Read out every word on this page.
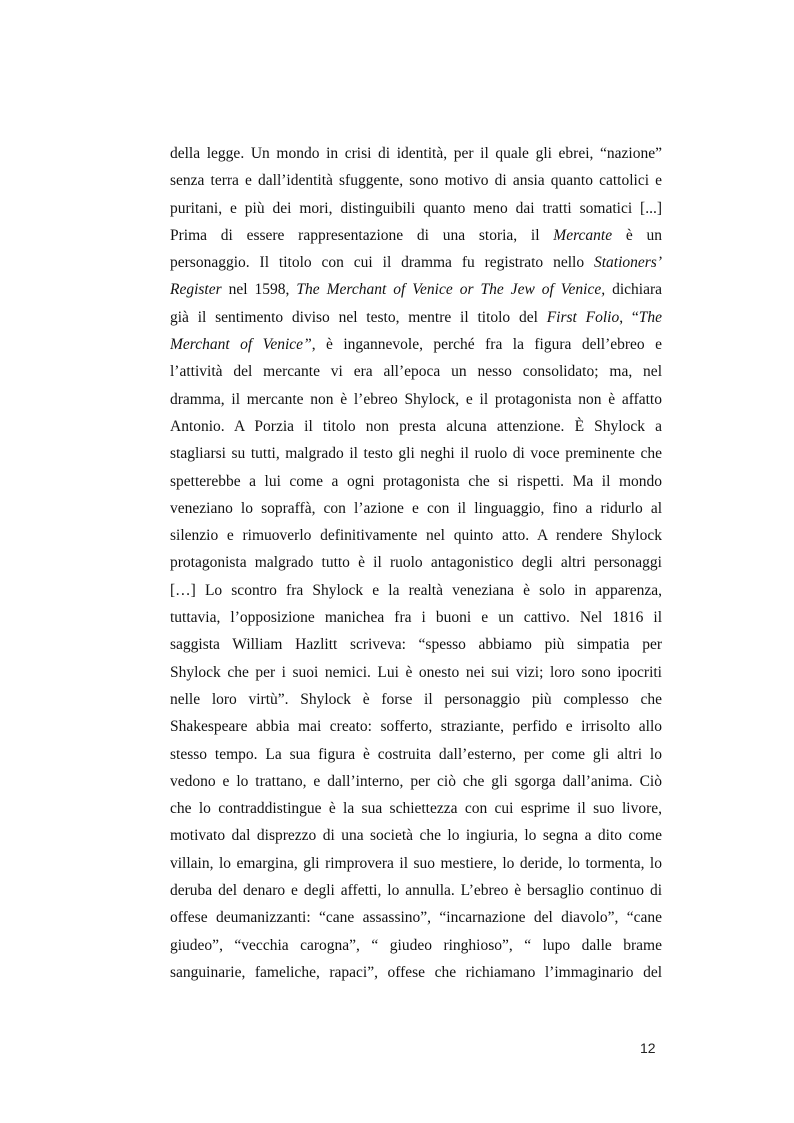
della legge. Un mondo in crisi di identità, per il quale gli ebrei, “nazione”
senza terra e dall’identità sfuggente, sono motivo di ansia quanto cattolici e
puritani, e più dei mori, distinguibili quanto meno dai tratti somatici [...]
Prima di essere rappresentazione di una storia, il Mercante è un
personaggio. Il titolo con cui il dramma fu registrato nello Stationers’
Register nel 1598, The Merchant of Venice or The Jew of Venice, dichiara
già il sentimento diviso nel testo, mentre il titolo del First Folio, “The
Merchant of Venice”, è ingannevole, perché fra la figura dell’ebreo e
l’attività del mercante vi era all’epoca un nesso consolidato; ma, nel
dramma, il mercante non è l’ebreo Shylock, e il protagonista non è affatto
Antonio. A Porzia il titolo non presta alcuna attenzione. È Shylock a
stagliarsi su tutti, malgrado il testo gli neghi il ruolo di voce preminente che
spetterebbe a lui come a ogni protagonista che si rispetti. Ma il mondo
veneziano lo sopraffà, con l’azione e con il linguaggio, fino a ridurlo al
silenzio e rimuoverlo definitivamente nel quinto atto. A rendere Shylock
protagonista malgrado tutto è il ruolo antagonistico degli altri personaggi
[…] Lo scontro fra Shylock e la realtà veneziana è solo in apparenza,
tuttavia, l’opposizione manichea fra i buoni e un cattivo. Nel 1816 il
saggista William Hazlitt scriveva: “spesso abbiamo più simpatia per
Shylock che per i suoi nemici. Lui è onesto nei sui vizi; loro sono ipocriti
nelle loro virtù”. Shylock è forse il personaggio più complesso che
Shakespeare abbia mai creato: sofferto, straziante, perfido e irrisolto allo
stesso tempo. La sua figura è costruita dall’esterno, per come gli altri lo
vedono e lo trattano, e dall’interno, per ciò che gli sgorga dall’anima. Ciò
che lo contraddistingue è la sua schiettezza con cui esprime il suo livore,
motivato dal disprezzo di una società che lo ingiuria, lo segna a dito come
villain, lo emargina, gli rimprovera il suo mestiere, lo deride, lo tormenta, lo
deruba del denaro e degli affetti, lo annulla. L’ebreo è bersaglio continuo di
offese deumanizzanti: “cane assassino”, “incarnazione del diavolo”, “cane
giudeo”, “vecchia carogna”, “ giudeo ringhioso”, “ lupo dalle brame
sanguinarie, fameliche, rapaci”, offese che richiamano l’immaginario del
12
